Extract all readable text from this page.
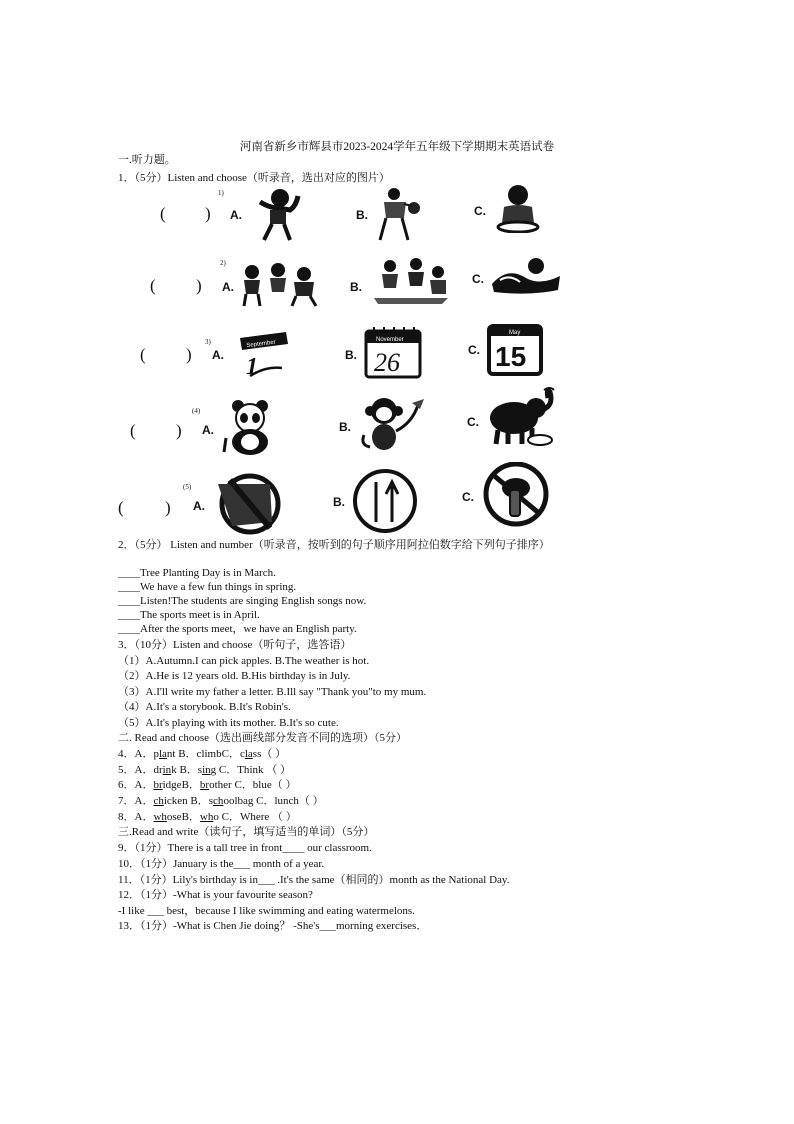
河南省新乡市辉县市2023-2024学年五年级下学期期末英语试卷
一.听力题。
1．（5分）Listen and choose（听录音，选出对应的图片）
1)
( ) A.	B.	C.
2)
( ) A.	B.
C.
3)
( ) A.
September
1	B.
November
26	C.
May
15
(4)
( ) A.	B.	C.
(5)
( ) A.	B.	C.
2．（5分） Listen and number（听录音，按听到的句子顺序用阿拉伯数字给下列句子排序）
____Tree Planting Day is in March.
____We have a few fun things in spring.
____Listen!The students are singing English songs now.
____The sports meet is in April.
____After the sports meet，we have an English party.
3．（10分）Listen and choose（听句子，选答语）
（1）A.Autumn.I can pick apples. B.The weather is hot.
（2）A.He is 12 years old. B.His birthday is in July.
（3）A.I'll write my father a letter. B.Ill say "Thank you"to my mum.
（4）A.It's a storybook. B.It's Robin's.
（5）A.It's playing with its mother. B.It's so cute.
二. Read and choose（选出画线部分发音不同的选项）（5分）
4．A．plant B．climbC．class（ ）
5．A．drink B．sing C．Think （ ）
6．A．bridgeB．brother C．blue（ ）
7．A．chicken B．schoolbag C．lunch（ ）
8．A．whoseB．who C．Where （ ）
三.Read and write（读句子，填写适当的单词）（5分）
9．（1分）There is a tall tree in front____ our classroom.
10．（1分）January is the___ month of a year.
11．（1分）Lily's birthday is in___ .It's the same（相同的）month as the National Day.
12．（1分）-What is your favourite season?
-I like ___ best，because I like swimming and eating watermelons.
13．（1分）-What is Chen Jie doing？ -She's___morning exercises．
